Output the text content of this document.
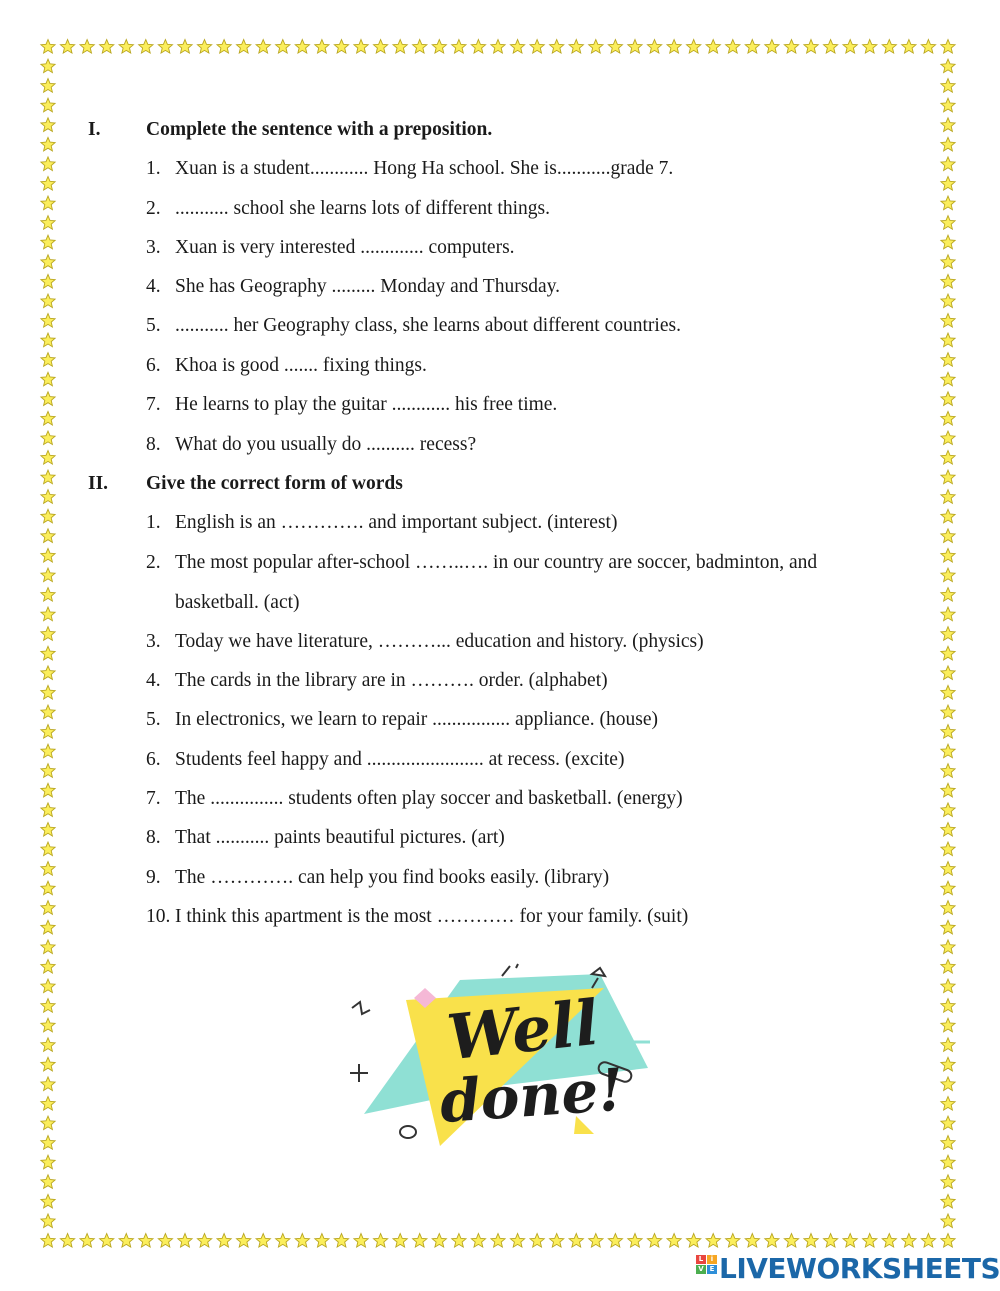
I. Complete the sentence with a preposition.
1. Xuan is a student............ Hong Ha school. She is...........grade 7.
2. ........... school she learns lots of different things.
3. Xuan is very interested ............. computers.
4. She has Geography ......... Monday and Thursday.
5. ........... her Geography class, she learns about different countries.
6. Khoa is good ....... fixing things.
7. He learns to play the guitar ............ his free time.
8. What do you usually do .......... recess?
II. Give the correct form of words
1. English is an …………. and important subject. (interest)
2. The most popular after-school ……..…. in our country are soccer, badminton, and
basketball. (act)
3. Today we have literature, ………... education and history. (physics)
4. The cards in the library are in ………. order. (alphabet)
5. In electronics, we learn to repair ................ appliance. (house)
6. Students feel happy and ........................ at recess. (excite)
7. The ............... students often play soccer and basketball. (energy)
8. That ........... paints beautiful pictures. (art)
9. The …………. can help you find books easily. (library)
10. I think this apartment is the most ………… for your family. (suit)
Well
done!
L	i
V E LIVEWORKSHEETS
